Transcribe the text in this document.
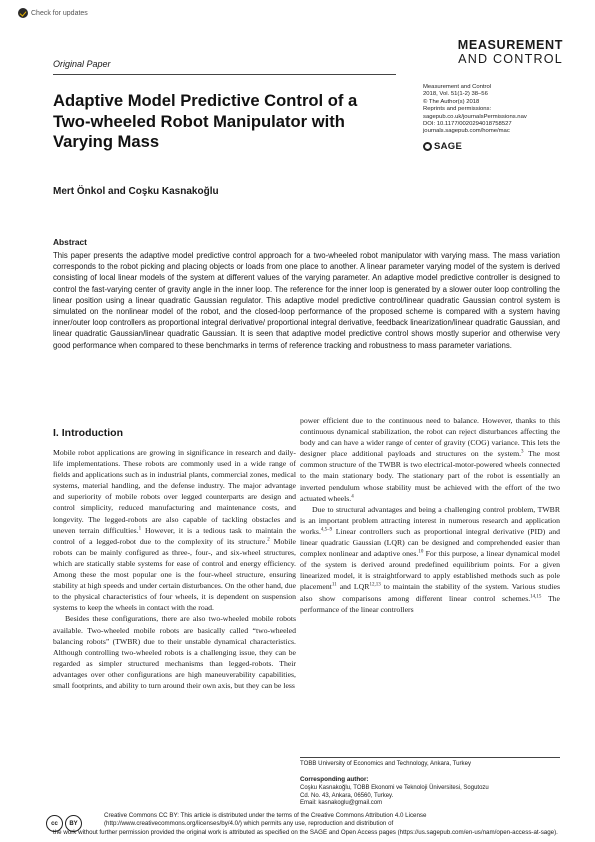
Check for updates
Original Paper
Adaptive Model Predictive Control of a Two-wheeled Robot Manipulator with Varying Mass
MEASUREMENT
AND CONTROL
Measurement and Control
2018, Vol. 51(1-2) 38–56
© The Author(s) 2018
Reprints and permissions:
sagepub.co.uk/journalsPermissions.nav
DOI: 10.1177/0020294018758527
journals.sagepub.com/home/mac
SAGE
Mert Önkol and Coşku Kasnakoğlu
Abstract
This paper presents the adaptive model predictive control approach for a two-wheeled robot manipulator with varying mass. The mass variation corresponds to the robot picking and placing objects or loads from one place to another. A linear parameter varying model of the system is derived consisting of local linear models of the system at different values of the varying parameter. An adaptive model predictive controller is designed to control the fast-varying center of gravity angle in the inner loop. The reference for the inner loop is generated by a slower outer loop controlling the linear position using a linear quadratic Gaussian regulator. This adaptive model predictive control/linear quadratic Gaussian control system is simulated on the nonlinear model of the robot, and the closed-loop performance of the proposed scheme is compared with a system having inner/outer loop controllers as proportional integral derivative/ proportional integral derivative, feedback linearization/linear quadratic Gaussian, and linear quadratic Gaussian/linear quadratic Gaussian. It is seen that adaptive model predictive control shows mostly superior and otherwise very good performance when compared to these benchmarks in terms of reference tracking and robustness to mass parameter variations.
I. Introduction

Mobile robot applications are growing in significance in research and daily-life implementations. These robots are commonly used in a wide range of fields and applications such as in industrial plants, commercial zones, medical systems, material handling, and the defense industry. The major advantage and superiority of mobile robots over legged counterparts are design and control simplicity, reduced manufacturing and maintenance costs, and longevity. The legged-robots are also capable of tackling obstacles and uneven terrain difficulties.$^1$ However, it is a tedious task to maintain the control of a legged-robot due to the complexity of its structure.$^2$ Mobile robots can be mainly configured as three-, four-, and six-wheel structures, which are statically stable systems for ease of control and energy efficiency. Among these the most popular one is the four-wheel structure, ensuring stability at high speeds and under certain disturbances. On the other hand, due to the physical characteristics of four wheels, it is dependent on suspension systems to keep the wheels in contact with the road.

Besides these configurations, there are also two-wheeled mobile robots available. Two-wheeled mobile robots are basically called “two-wheeled balancing robots” (TWBR) due to their unstable dynamical characteristics. Although controlling two-wheeled robots is a challenging issue, they can be regarded as simpler structured mechanisms than legged-robots. Their advantages over other configurations are high maneuverability capabilities, small footprints, and ability to turn around their own axis, but they can be less

power efficient due to the continuous need to balance. However, thanks to this continuous dynamical stabilization, the robot can reject disturbances affecting the body and can have a wider range of center of gravity (COG) variance. This lets the designer place additional payloads and structures on the system.$^3$ The most common structure of the TWBR is two electrical-motor-powered wheels connected to the main stationary body. The stationary part of the robot is essentially an inverted pendulum whose stability must be achieved with the effort of the two actuated wheels.$^4$

Due to structural advantages and being a challenging control problem, TWBR is an important problem attracting interest in numerous research and application works.$^{4,5-9}$ Linear controllers such as proportional integral derivative (PID) and linear quadratic Gaussian (LQR) can be designed and comprehended easier than complex nonlinear and adaptive ones.$^{10}$ For this purpose, a linear dynamical model of the system is derived around predefined equilibrium points. For a given linearized model, it is straightforward to apply established methods such as pole placement$^{11}$ and LQR$^{12,13}$ to maintain the stability of the system. Various studies also show comparisons among different linear control schemes.$^{14,15}$ The performance of the linear controllers

TOBB University of Economics and Technology, Ankara, Turkey
Corresponding author:
Coşku Kasnakoğlu, TOBB Ekonomi ve Teknoloji Üniversitesi, Sogutozu
Cd. No. 43, Ankara, 06560, Turkey.
Email: kasnakoglu@gmail.com
cc	BY
Creative Commons CC BY: This article is distributed under the terms of the Creative Commons Attribution 4.0 License (http://www.creativecommons.org/licenses/by/4.0/) which permits any use, reproduction and distribution of
the work without further permission provided the original work is attributed as specified on the SAGE and Open Access pages (https://us.sagepub.com/en-us/nam/open-access-at-sage).
